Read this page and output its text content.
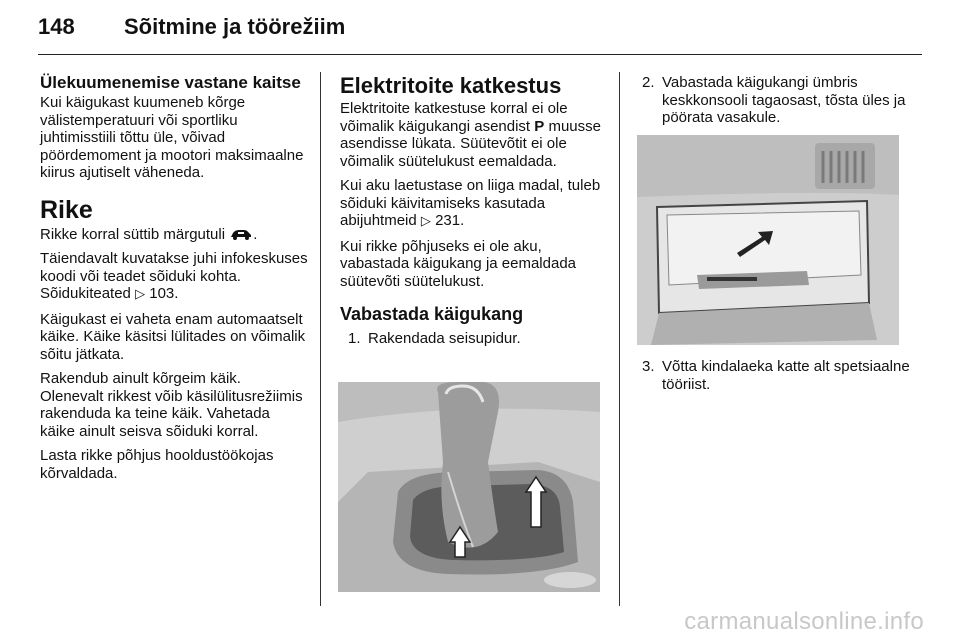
148	Sõitmine ja töörežiim
Ülekuumenemise vastane kaitse

Kui käigukast kuumeneb kõrge välistemperatuuri või sportliku juhtimisstiili tõttu üle, võivad pöördemoment ja mootori maksimaalne kiirus ajutiselt väheneda.

Rike

Rikke korral süttib märgutuli .

Täiendavalt kuvatakse juhi infokeskuses koodi või teadet sõiduki kohta. Sõidukiteated ▷ 103.

Käigukast ei vaheta enam automaatselt käike. Käike käsitsi lülitades on võimalik sõitu jätkata.

Rakendub ainult kõrgeim käik. Olenevalt rikkest võib käsilülitusrežiimis rakenduda ka teine käik. Vahetada käike ainult seisva sõiduki korral.

Lasta rikke põhjus hooldustöökojas kõrvaldada.

Elektritoite katkestus

Elektritoite katkestuse korral ei ole võimalik käigukangi asendist P muusse asendisse lükata. Süütevõtit ei ole võimalik süütelukust eemaldada.

Kui aku laetustase on liiga madal, tuleb sõiduki käivitamiseks kasutada abijuhtmeid ▷ 231.

Kui rikke põhjuseks ei ole aku, vabastada käigukang ja eemaldada süütevõti süütelukust.

Vabastada käigukang
1. Rakendada seisupidur.
2. Vabastada käigukangi ümbris keskkonsooli tagaosast, tõsta üles ja pöörata vasakule.
3. Võtta kindalaeka katte alt spetsiaalne tööriist.
carmanualsonline.info
